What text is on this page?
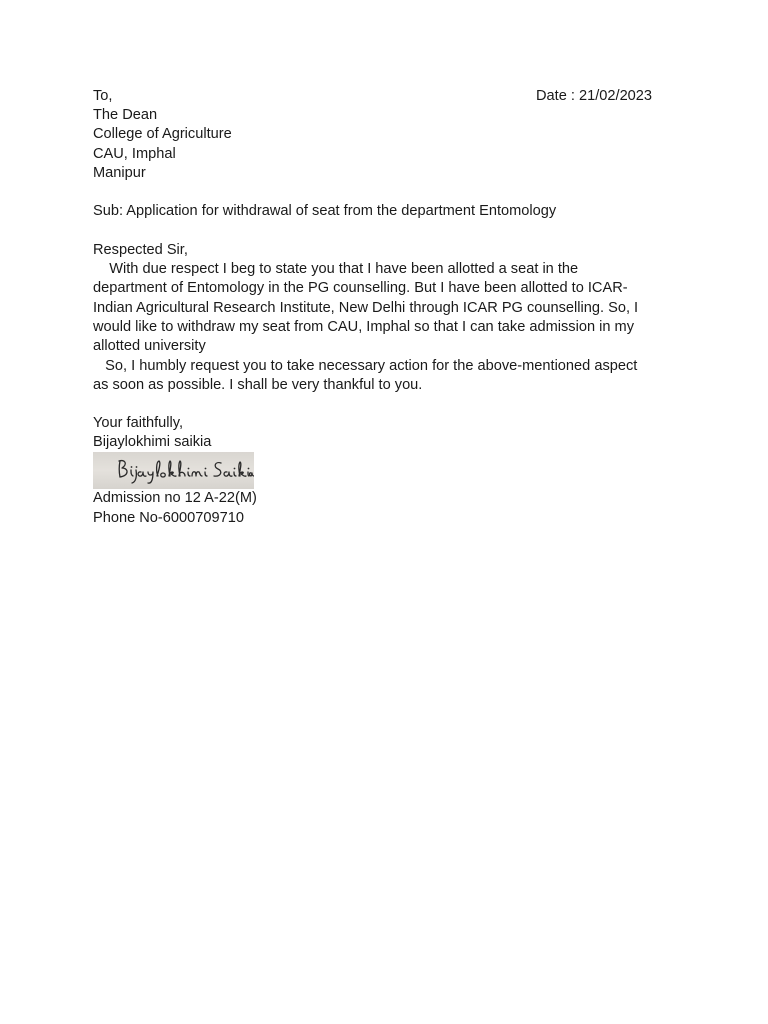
To,	Date : 21/02/2023
The Dean
College of Agriculture
CAU, Imphal
Manipur
Sub: Application for withdrawal of seat from the department Entomology
Respected Sir,
With due respect I beg to state you that I have been allotted a seat in the
department of Entomology in the PG counselling. But I have been allotted to ICAR-
Indian Agricultural Research Institute, New Delhi through ICAR PG counselling. So, I
would like to withdraw my seat from CAU, Imphal so that I can take admission in my
allotted university
So, I humbly request you to take necessary action for the above-mentioned aspect
as soon as possible. I shall be very thankful to you.
Your faithfully,
Bijaylokhimi saikia
Admission no 12 A-22(M)
Phone No-6000709710
